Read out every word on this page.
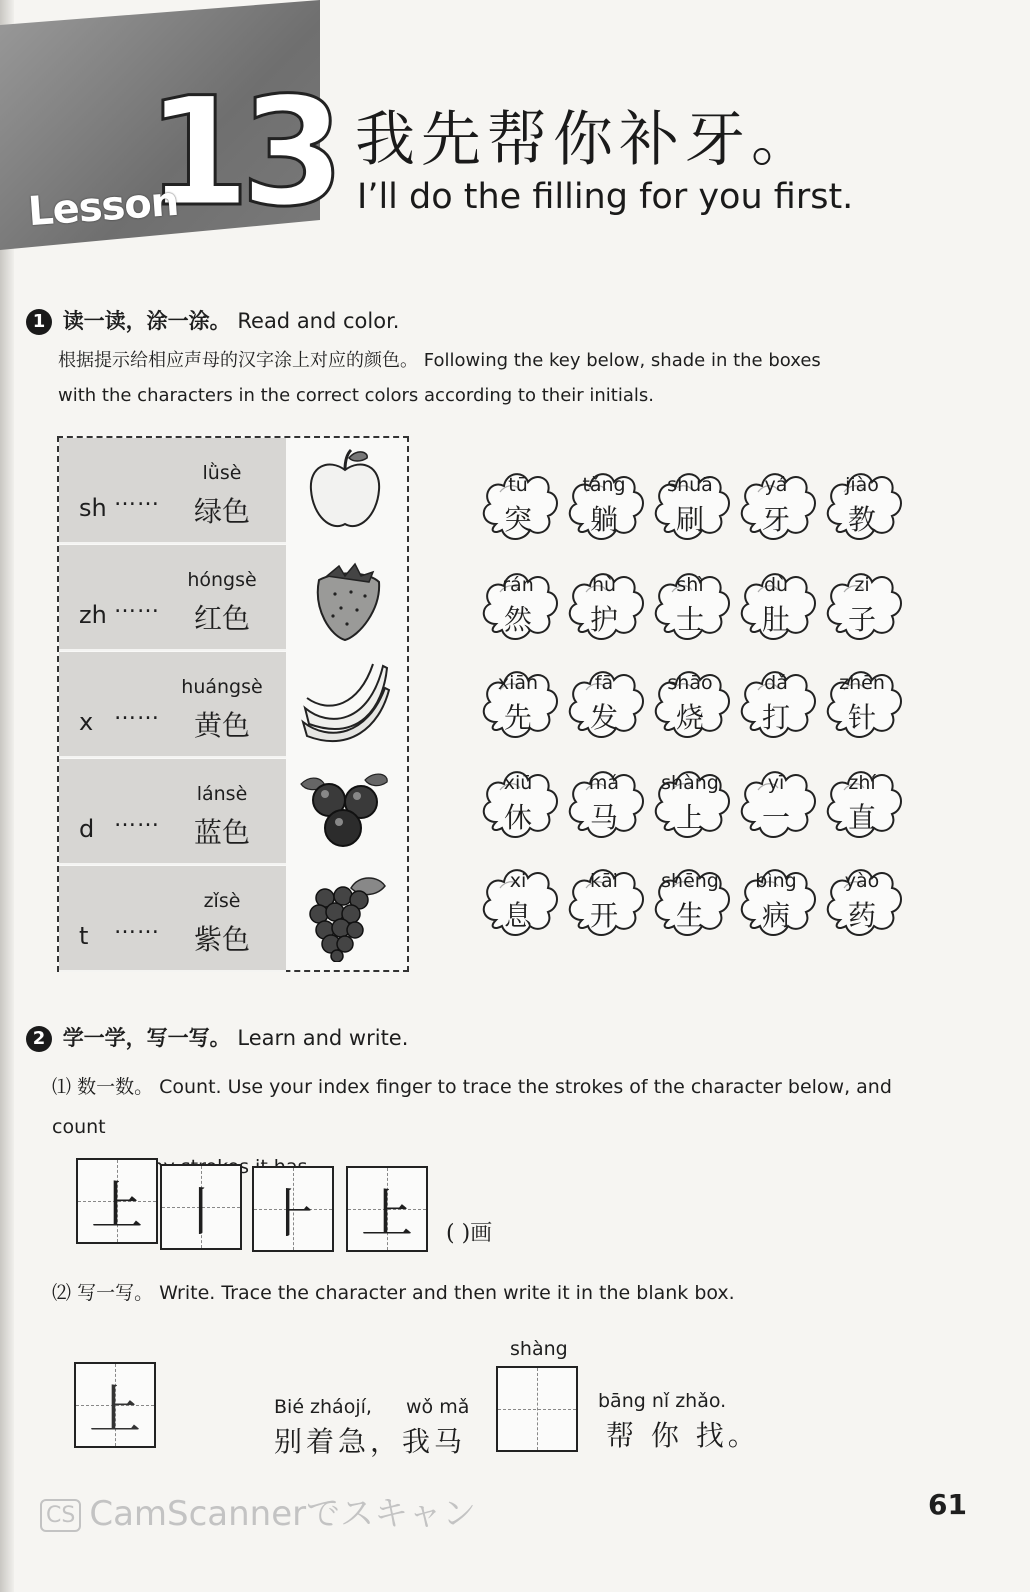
13
Lesson
我先帮你补牙。
I’ll do the filling for you first.
1 读一读，涂一涂。 Read and color.
根据提示给相应声母的汉字涂上对应的颜色。 Following the key below, shade in the boxes
with the characters in the correct colors according to their initials.
sh ……
lǜsè
绿色
zh ……
hóngsè
红色
x ……
huángsè
黄色
d ……
lánsè
蓝色
t ……
zǐsè
紫色
tū
突
tǎng
躺
shuā
刷
yá
牙
jiào
教
rán
然
hù
护
shì
士
dù
肚
zi
子
xiān
先
fā
发
shāo
烧
dǎ
打
zhēn
针
xiū
休
mǎ
马
shàng
上
yī
一
zhí
直
xi
息
kāi
开
shēng
生
bìng
病
yào
药
2 学一学，写一写。 Learn and write.
⑴ 数一数。 Count. Use your index finger to trace the strokes of the character below, and count
上 丨 ⺊ 上	( )画
⑵ 写一写。 Write. Trace the character and then write it in the blank box.
上	Bié zháojí, wǒ mǎ
别着急，我马
shàng
bāng nǐ zhǎo.
帮 你 找。
CS CamScannerでスキャン	61
